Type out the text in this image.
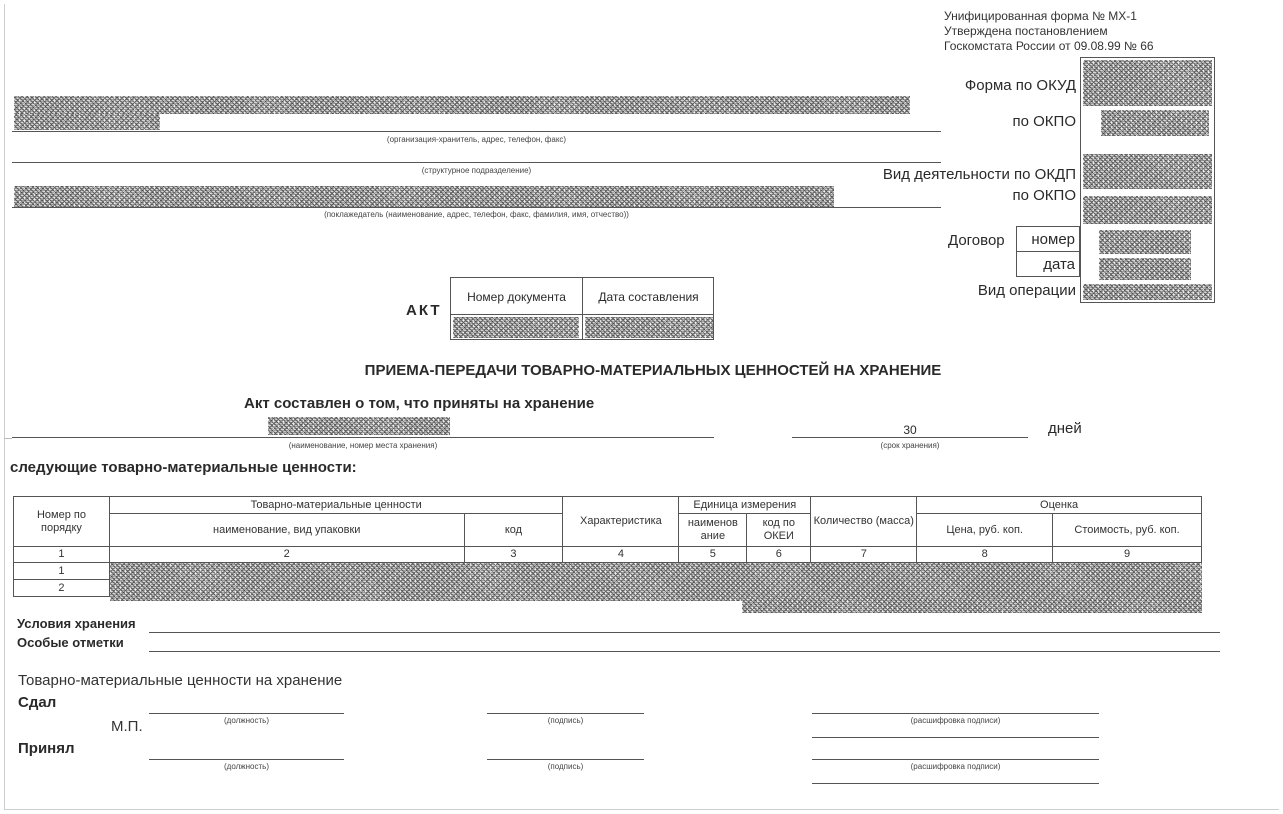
Унифицированная форма № МХ-1
Утверждена постановлением
Госкомстата России от 09.08.99 № 66
Форма по ОКУД
по ОКПО
Вид деятельности по ОКДП
по ОКПО
Договор	номер
дата
Вид операции
(организация-хранитель, адрес, телефон, факс)
(структурное подразделение)
(поклажедатель (наименование, адрес, телефон, факс, фамилия, имя, отчество))
АКТ
Номер документа	Дата составления
ПРИЕМА-ПЕРЕДАЧИ ТОВАРНО-МАТЕРИАЛЬНЫХ ЦЕННОСТЕЙ НА ХРАНЕНИЕ
Акт составлен о том, что приняты на хранение
(наименование, номер места хранения)
30
(срок хранения)
дней
следующие товарно-материальные ценности:
Номер по порядку	Товарно-материальные ценности		Характеристика	Единица измерения		Количество (масса)	Оценка	
	наименование, вид упаковки	код		наименов ание	код по ОКЕИ		Цена, руб. коп.	Стоимость, руб. коп.
1	2	3	4	5	6	7	8	9
1								
2								
Условия хранения
Особые отметки
Товарно-материальные ценности на хранение
Сдал
М.П.	(должность)	(подпись)	(расшифровка подписи)
Принял
(должность)	(подпись)	(расшифровка подписи)
